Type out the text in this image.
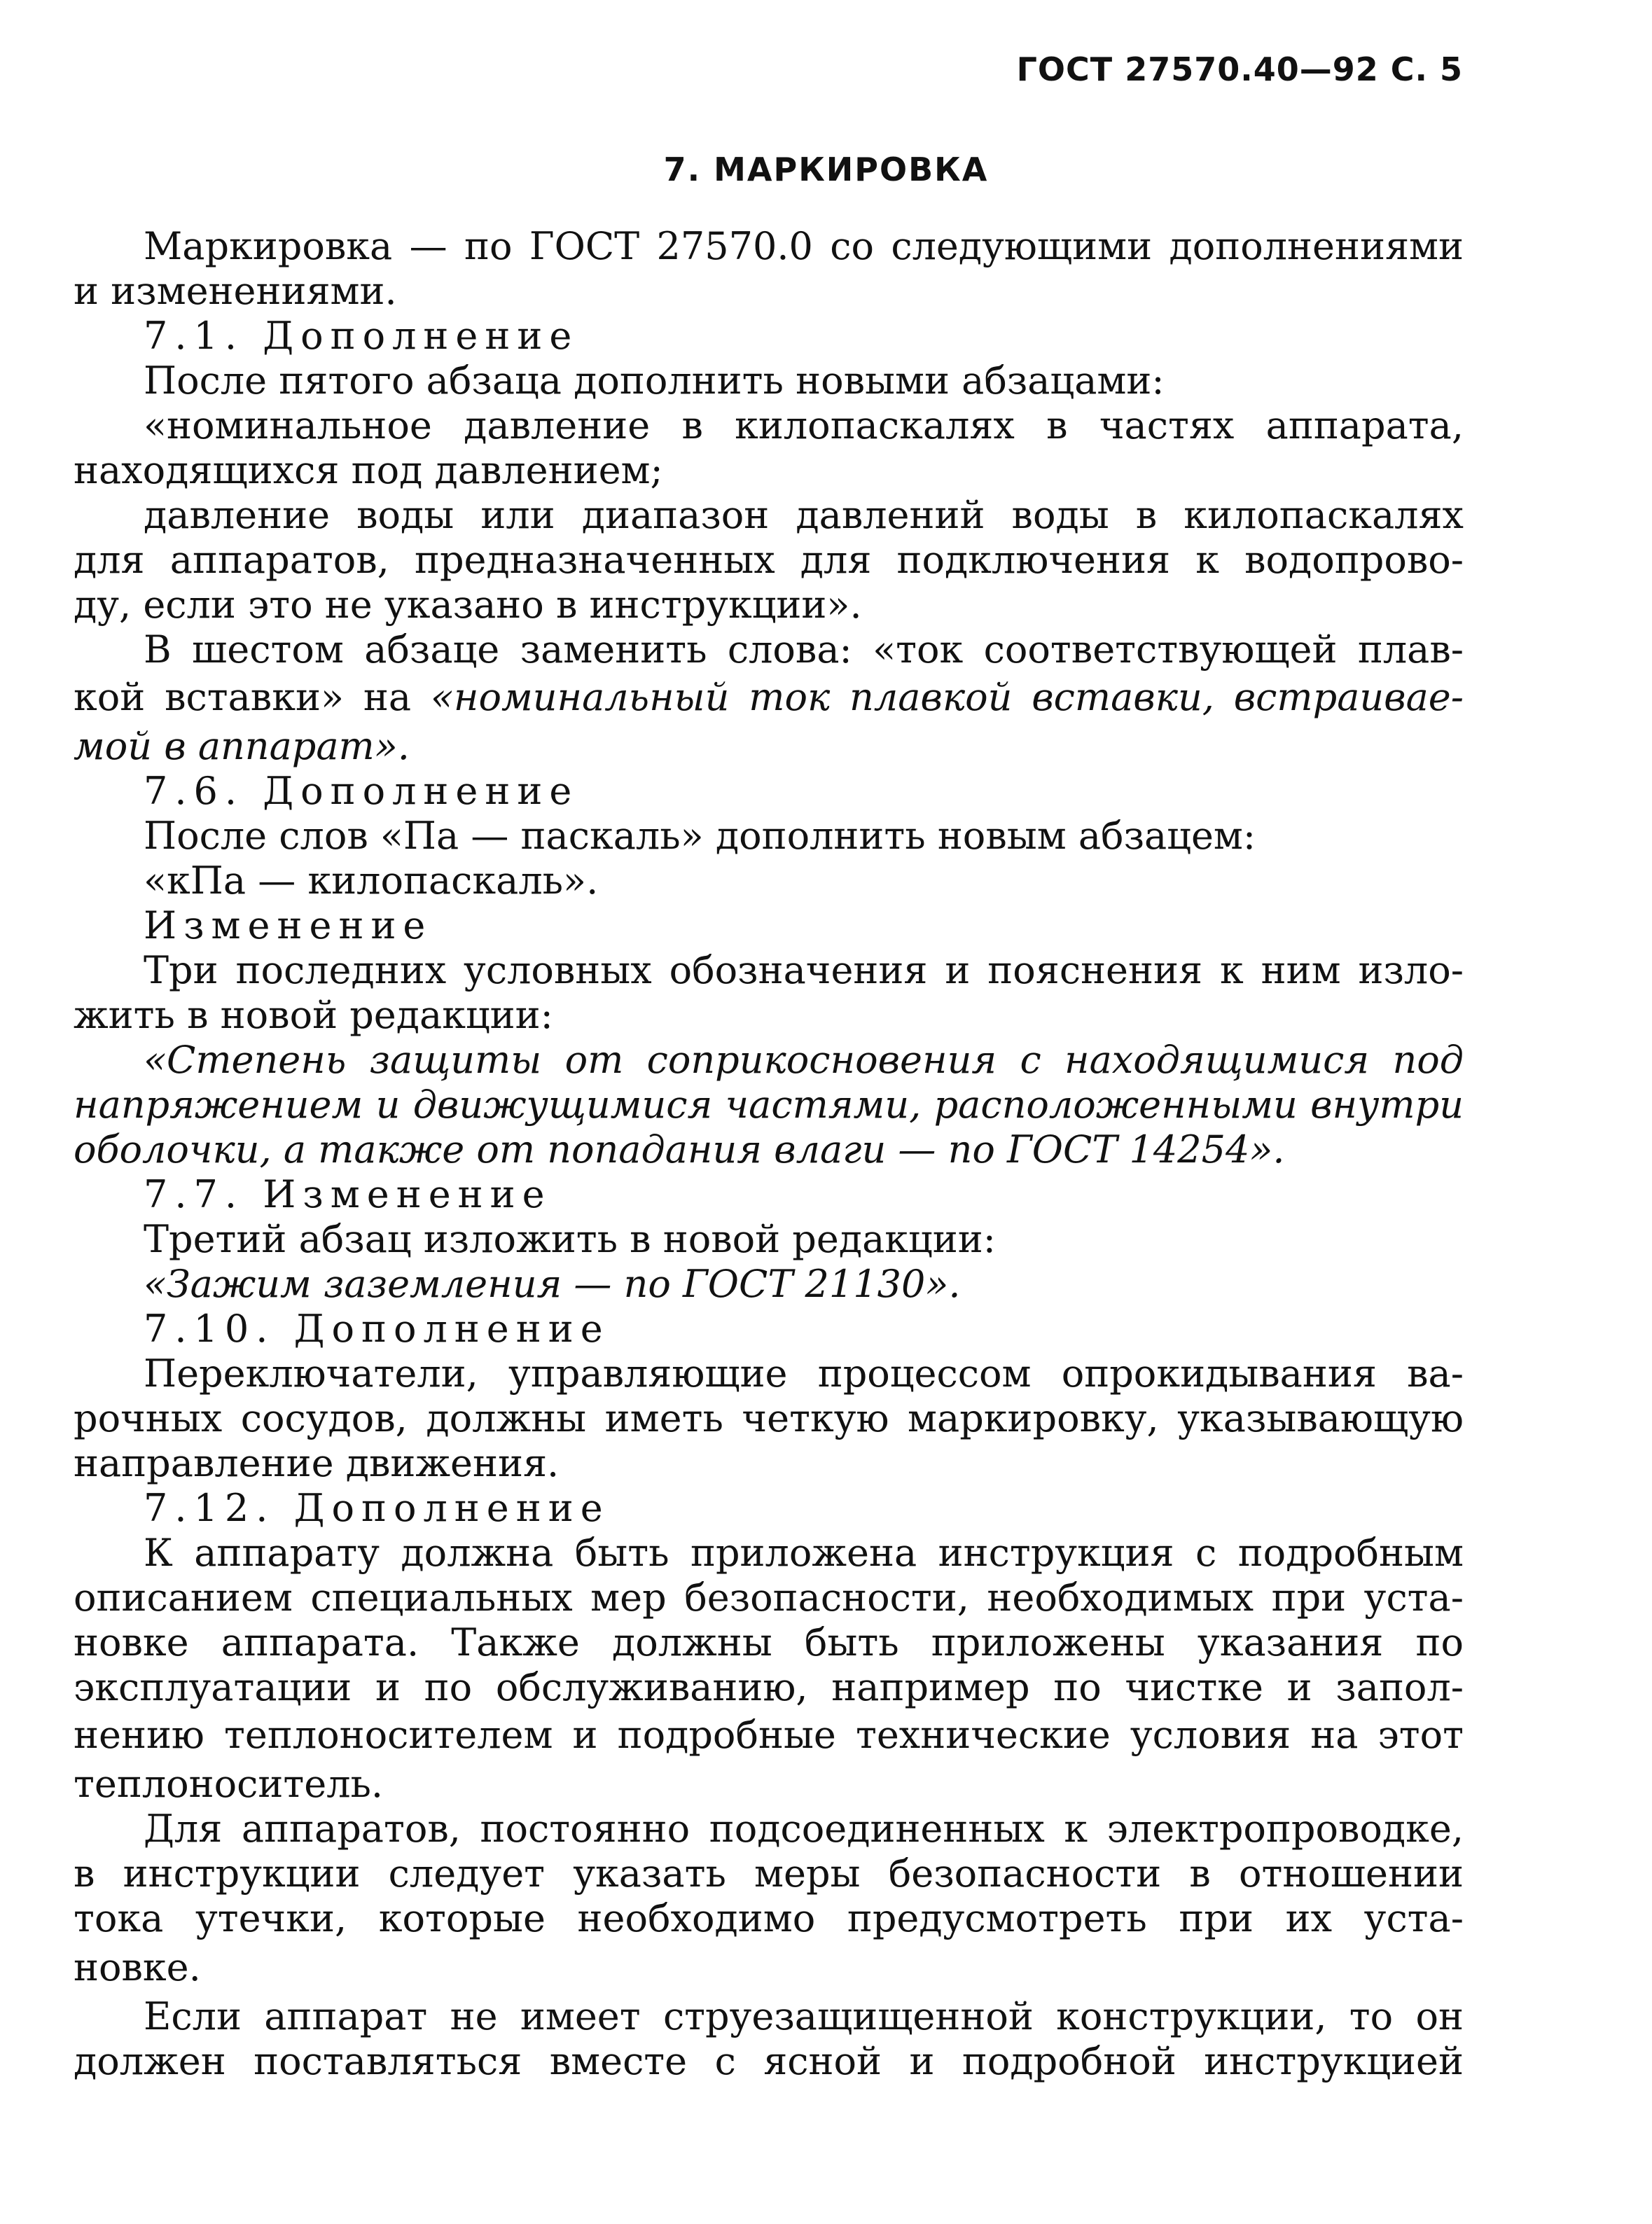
ГОСТ 27570.40—92 С. 5
7. МАРКИРОВКА
Маркировка — по ГОСТ 27570.0 со следующими дополнениями
и изменениями.
7.1. Дополнение
После пятого абзаца дополнить новыми абзацами:
«номинальное давление в килопаскалях в частях аппарата,
находящихся под давлением;
давление воды или диапазон давлений воды в килопаскалях
для аппаратов, предназначенных для подключения к водопрово-
ду, если это не указано в инструкции».
В шестом абзаце заменить слова: «ток соответствующей плав-
кой вставки» на «номинальный ток плавкой вставки, встраивае-
мой в аппарат».
7.6. Дополнение
После слов «Па — паскаль» дополнить новым абзацем:
«кПа — килопаскаль».
Изменение
Три последних условных обозначения и пояснения к ним изло-
жить в новой редакции:
«Степень защиты от соприкосновения с находящимися под
напряжением и движущимися частями, расположенными внутри
оболочки, а также от попадания влаги — по ГОСТ 14254».
7.7. Изменение
Третий абзац изложить в новой редакции:
«Зажим заземления — по ГОСТ 21130».
7.10. Дополнение
Переключатели, управляющие процессом опрокидывания ва-
рочных сосудов, должны иметь четкую маркировку, указывающую
направление движения.
7.12. Дополнение
К аппарату должна быть приложена инструкция с подробным
описанием специальных мер безопасности, необходимых при уста-
новке аппарата. Также должны быть приложены указания по
эксплуатации и по обслуживанию, например по чистке и запол-
нению теплоносителем и подробные технические условия на этот
теплоноситель.
Для аппаратов, постоянно подсоединенных к электропроводке,
в инструкции следует указать меры безопасности в отношении
тока утечки, которые необходимо предусмотреть при их уста-
новке.
Если аппарат не имеет струезащищенной конструкции, то он
должен поставляться вместе с ясной и подробной инструкцией
